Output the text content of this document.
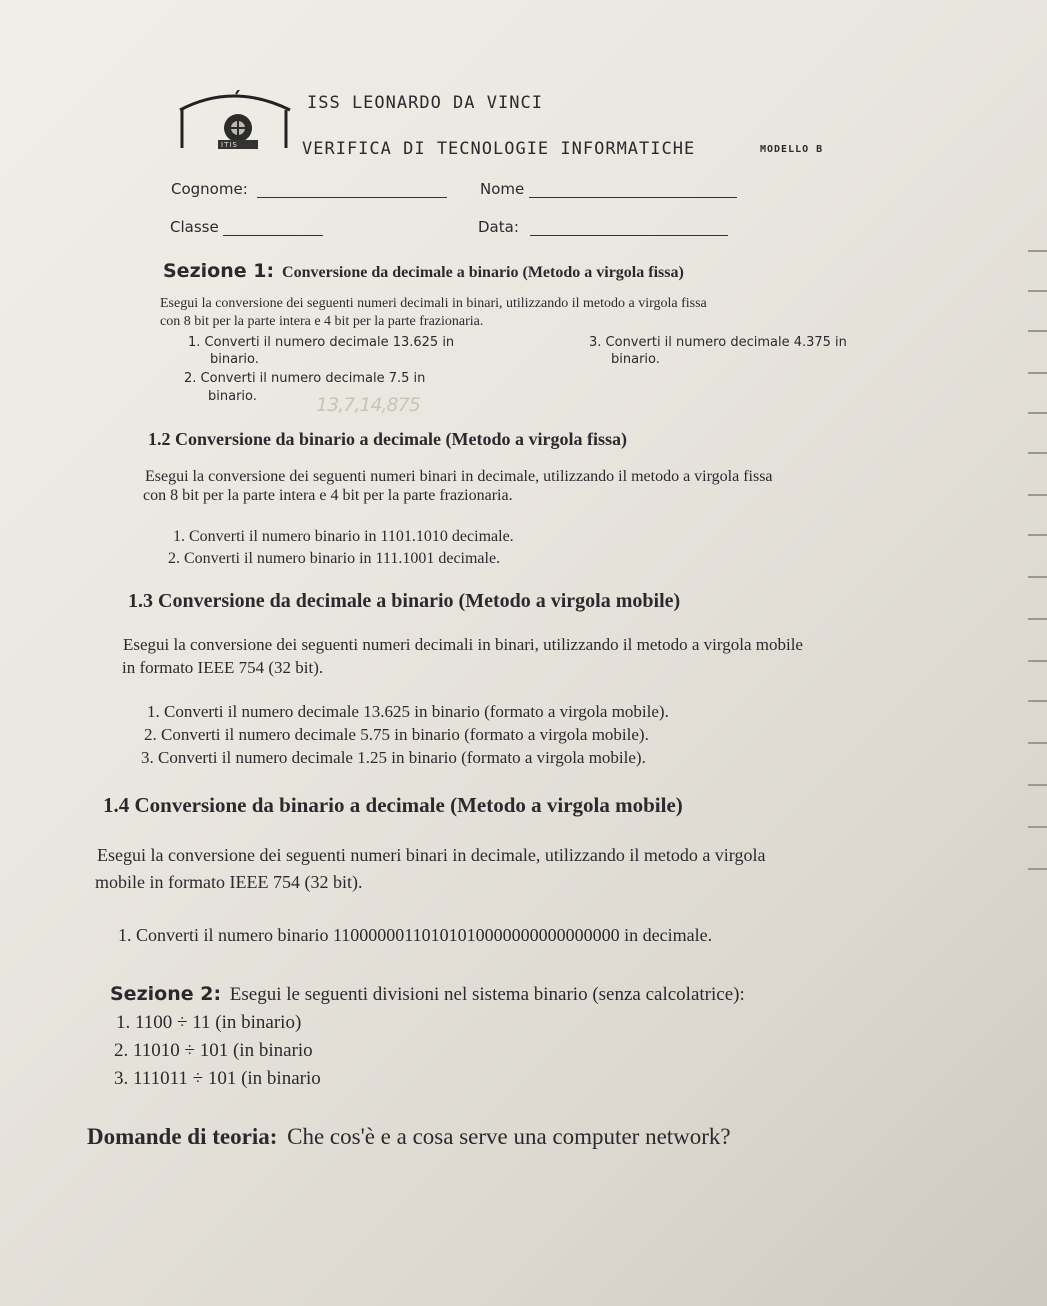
ITIS
ISS LEONARDO DA VINCI
VERIFICA DI TECNOLOGIE INFORMATICHE	MODELLO B
Cognome:	Nome
Classe	Data:
Sezione 1: Conversione da decimale a binario (Metodo a virgola fissa)
Esegui la conversione dei seguenti numeri decimali in binari, utilizzando il metodo a virgola fissa
con 8 bit per la parte intera e 4 bit per la parte frazionaria.
1. Converti il numero decimale 13.625 in
binario.
2. Converti il numero decimale 7.5 in
binario.
3. Converti il numero decimale 4.375 in
binario.
13,7,14,875
1.2 Conversione da binario a decimale (Metodo a virgola fissa)
Esegui la conversione dei seguenti numeri binari in decimale, utilizzando il metodo a virgola fissa
con 8 bit per la parte intera e 4 bit per la parte frazionaria.
1. Converti il numero binario in 1101.1010 decimale.
2. Converti il numero binario in 111.1001 decimale.
1.3 Conversione da decimale a binario (Metodo a virgola mobile)
Esegui la conversione dei seguenti numeri decimali in binari, utilizzando il metodo a virgola mobile
in formato IEEE 754 (32 bit).
1. Converti il numero decimale 13.625 in binario (formato a virgola mobile).
2. Converti il numero decimale 5.75 in binario (formato a virgola mobile).
3. Converti il numero decimale 1.25 in binario (formato a virgola mobile).
1.4 Conversione da binario a decimale (Metodo a virgola mobile)
Esegui la conversione dei seguenti numeri binari in decimale, utilizzando il metodo a virgola
mobile in formato IEEE 754 (32 bit).
1. Converti il numero binario 11000000110101010000000000000000 in decimale.
Sezione 2: Esegui le seguenti divisioni nel sistema binario (senza calcolatrice):
1. 1100 ÷ 11 (in binario)
2. 11010 ÷ 101 (in binario
3. 111011 ÷ 101 (in binario
Domande di teoria: Che cos'è e a cosa serve una computer network?
